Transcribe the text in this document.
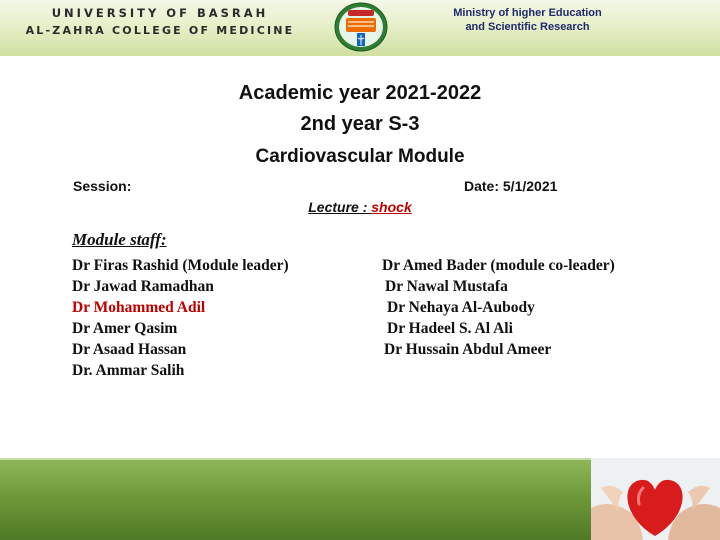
UNIVERSITY OF BASRAH
AL-ZAHRA COLLEGE OF MEDICINE
Ministry of higher Education
and Scientific Research
Academic year 2021-2022
2nd year S-3
Cardiovascular Module
Session:	Date: 5/1/2021
Lecture : shock
Module staff:
Dr Firas Rashid (Module leader)
Dr Jawad Ramadhan
Dr Mohammed Adil
Dr Amer Qasim
Dr Asaad Hassan
Dr. Ammar Salih
Dr Amed Bader (module co-leader)
Dr Nawal Mustafa
Dr Nehaya Al-Aubody
Dr Hadeel S. Al Ali
Dr Hussain Abdul Ameer
